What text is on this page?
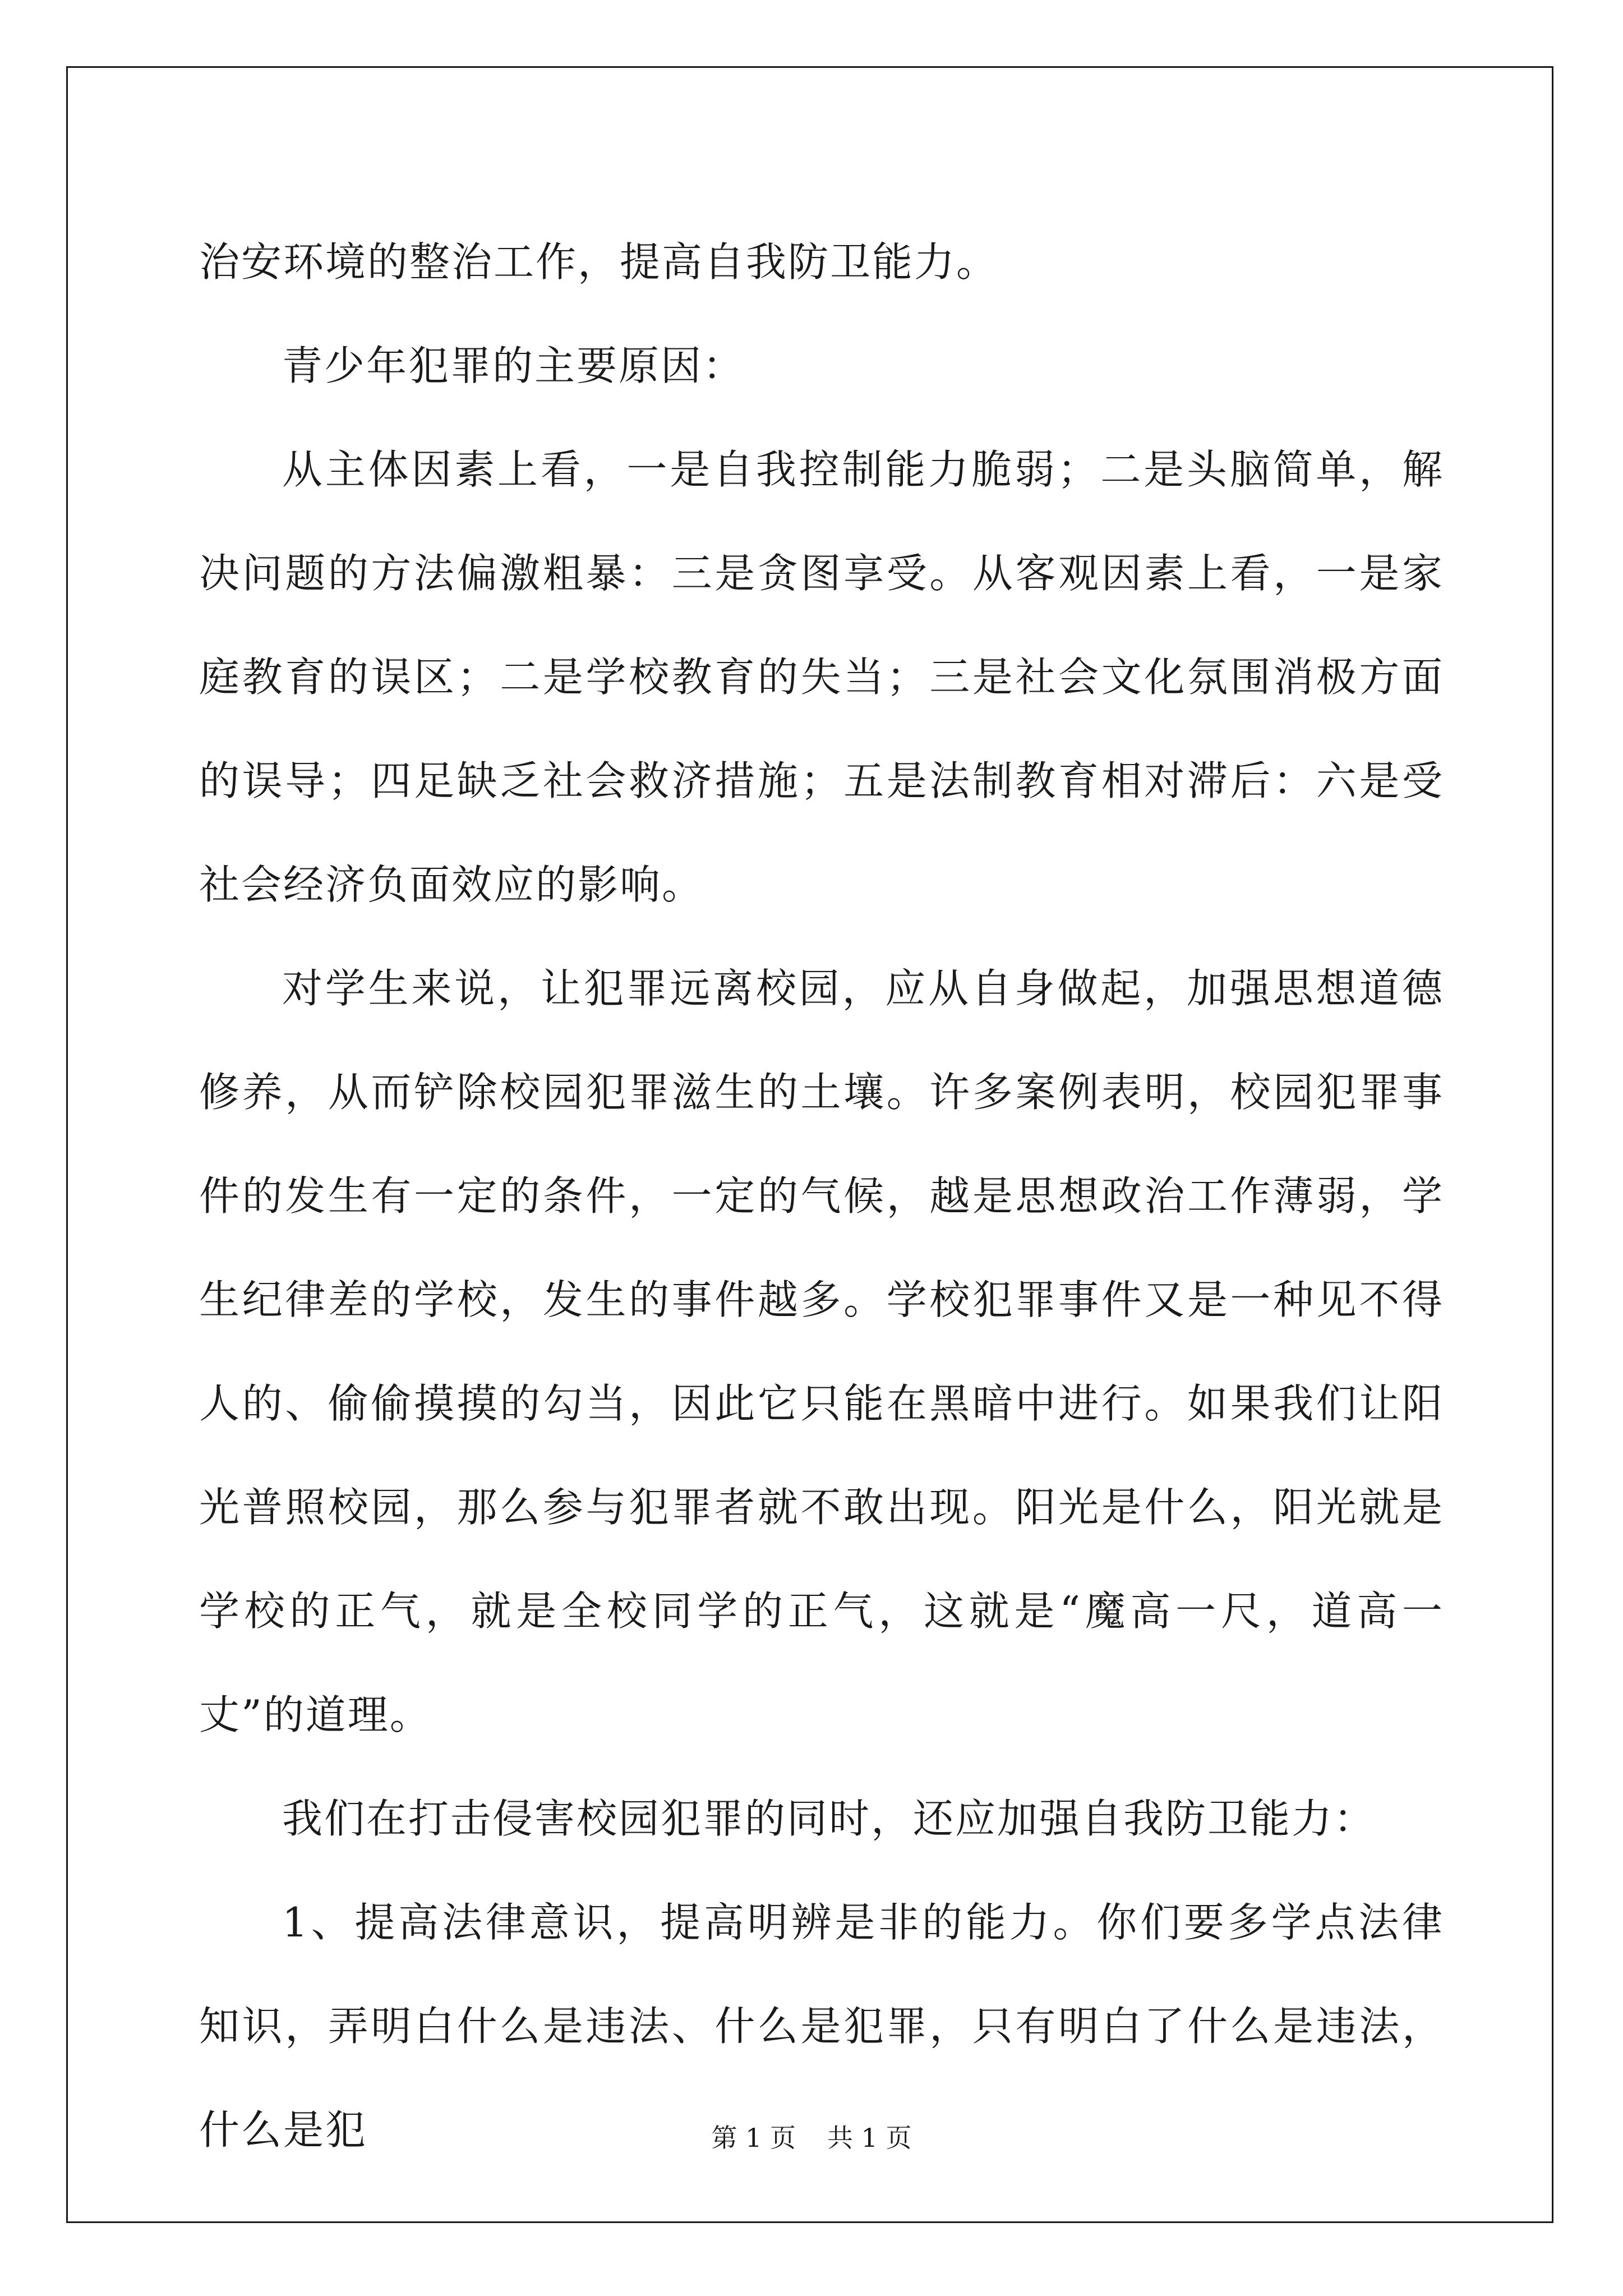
治安环境的整治工作，提高自我防卫能力。

青少年犯罪的主要原因：

从主体因素上看，一是自我控制能力脆弱；二是头脑简单，解决问题的方法偏激粗暴：三是贪图享受。从客观因素上看，一是家庭教育的误区；二是学校教育的失当；三是社会文化氛围消极方面的误导；四足缺乏社会救济措施；五是法制教育相对滞后：六是受社会经济负面效应的影响。

对学生来说，让犯罪远离校园，应从自身做起，加强思想道德修养，从而铲除校园犯罪滋生的土壤。许多案例表明，校园犯罪事件的发生有一定的条件，一定的气候，越是思想政治工作薄弱，学生纪律差的学校，发生的事件越多。学校犯罪事件又是一种见不得人的、偷偷摸摸的勾当，因此它只能在黑暗中进行。如果我们让阳光普照校园，那么参与犯罪者就不敢出现。阳光是什么，阳光就是学校的正气，就是全校同学的正气，这就是“魔高一尺，道高一丈”的道理。

我们在打击侵害校园犯罪的同时，还应加强自我防卫能力：

1、提高法律意识，提高明辨是非的能力。你们要多学点法律知识，弄明白什么是违法、什么是犯罪，只有明白了什么是违法，什么是犯	第 1 页 共 1 页
